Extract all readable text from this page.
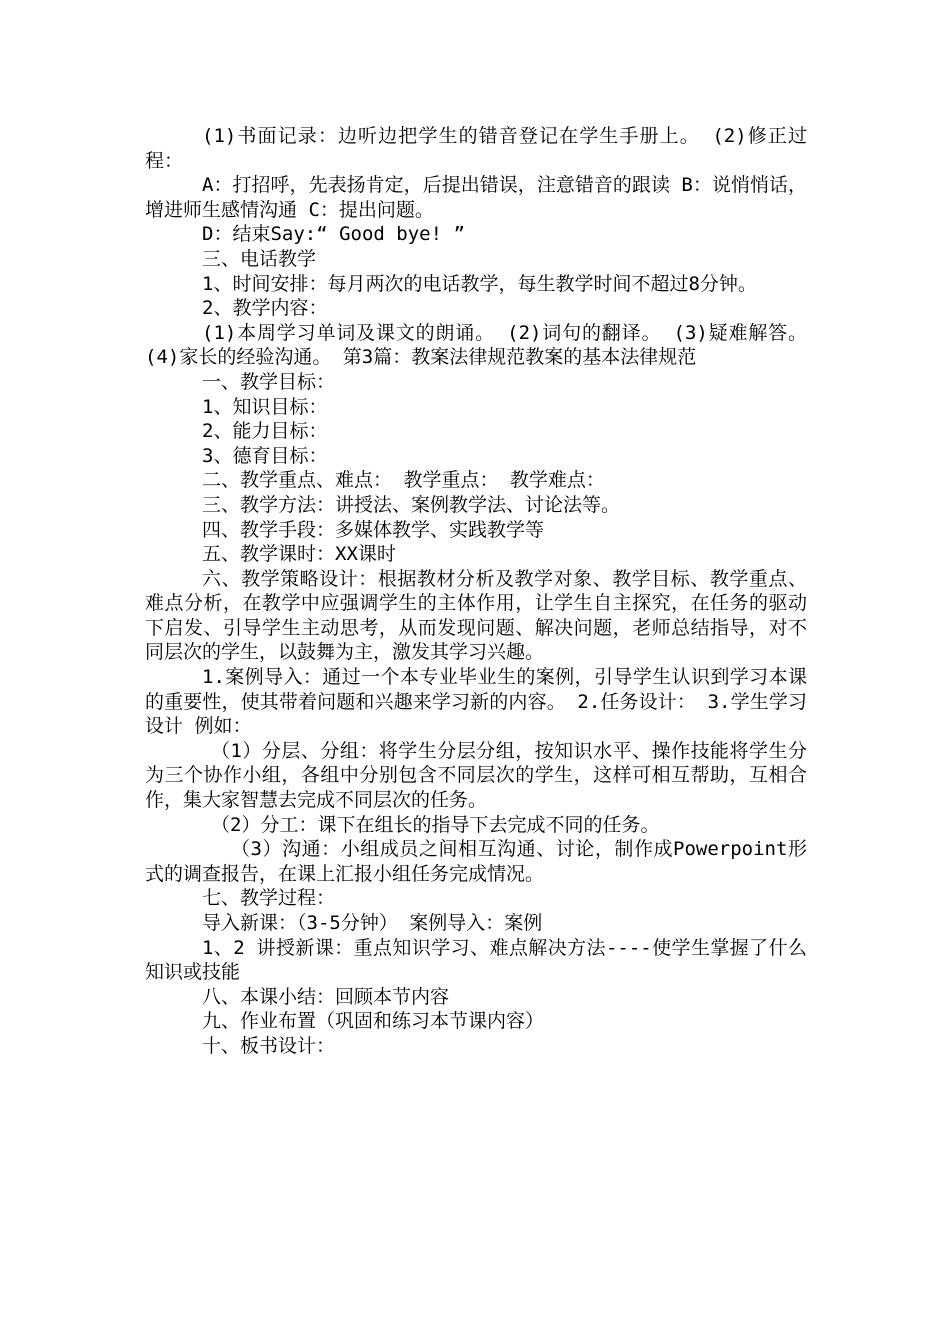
(1)书面记录：边听边把学生的错音登记在学生手册上。 (2)修正过程：

A：打招呼，先表扬肯定，后提出错误，注意错音的跟读 B：说悄悄话，增进师生感情沟通 C：提出问题。

D：结束Say:“ Good bye! ”

三、电话教学

1、时间安排：每月两次的电话教学，每生教学时间不超过8分钟。

2、教学内容：

(1)本周学习单词及课文的朗诵。 (2)词句的翻译。 (3)疑难解答。 (4)家长的经验沟通。 第3篇：教案法律规范教案的基本法律规范

一、教学目标：

1、知识目标：

2、能力目标：

3、德育目标：

二、教学重点、难点： 教学重点： 教学难点：

三、教学方法：讲授法、案例教学法、讨论法等。

四、教学手段：多媒体教学、实践教学等

五、教学课时：XX课时

六、教学策略设计：根据教材分析及教学对象、教学目标、教学重点、难点分析，在教学中应强调学生的主体作用，让学生自主探究，在任务的驱动下启发、引导学生主动思考，从而发现问题、解决问题，老师总结指导，对不同层次的学生，以鼓舞为主，激发其学习兴趣。

1.案例导入：通过一个本专业毕业生的案例，引导学生认识到学习本课的重要性，使其带着问题和兴趣来学习新的内容。 2.任务设计： 3.学生学习设计 例如：

（1）分层、分组：将学生分层分组，按知识水平、操作技能将学生分为三个协作小组，各组中分别包含不同层次的学生，这样可相互帮助，互相合作，集大家智慧去完成不同层次的任务。

（2）分工：课下在组长的指导下去完成不同的任务。

（3）沟通：小组成员之间相互沟通、讨论，制作成Powerpoint形式的调查报告，在课上汇报小组任务完成情况。

七、教学过程：

导入新课：（3-5分钟） 案例导入：案例

1、2 讲授新课：重点知识学习、难点解决方法----使学生掌握了什么知识或技能

八、本课小结：回顾本节内容

九、作业布置（巩固和练习本节课内容）

十、板书设计：
